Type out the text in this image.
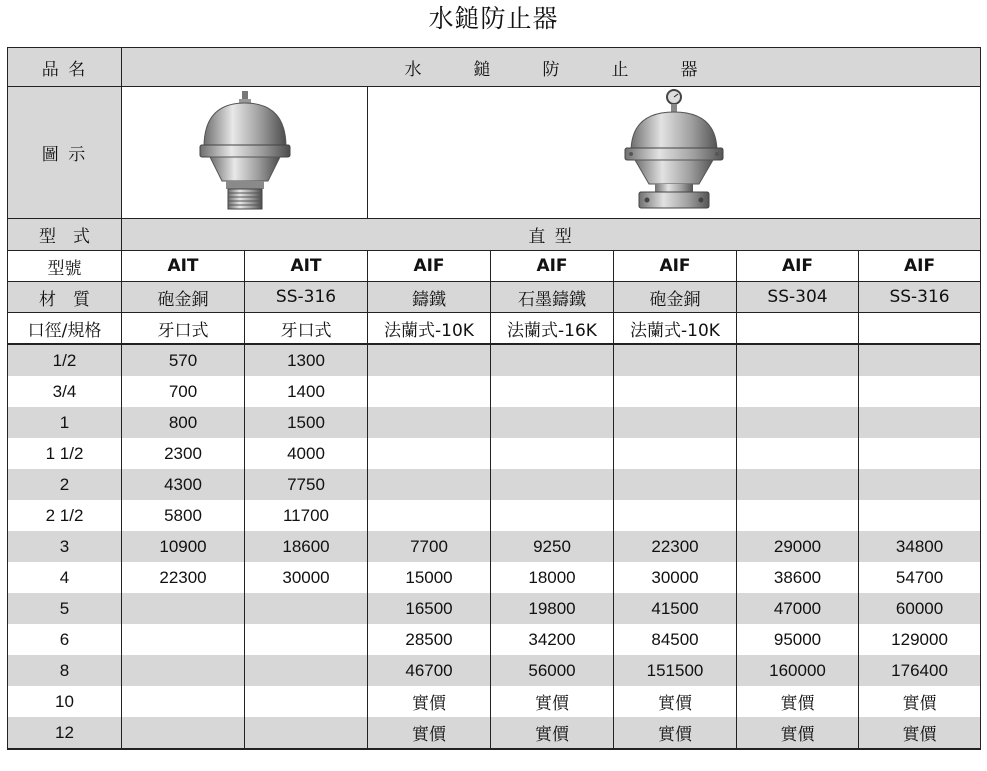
水鎚防止器
品 名	水鎚防止器						
圖 示		
型　式	直 型						
型號	AIT	AIT	AIF	AIF	AIF	AIF	AIF
材　質	砲金銅	SS-316	鑄鐵	石墨鑄鐵	砲金銅	SS-304	SS-316
口徑/規格	牙口式	牙口式	法蘭式-10K	法蘭式-16K	法蘭式-10K		
1/2	570	1300					
3/4	700	1400					
1	800	1500					
1 1/2	2300	4000					
2	4300	7750					
2 1/2	5800	11700					
3	10900	18600	7700	9250	22300	29000	34800
4	22300	30000	15000	18000	30000	38600	54700
5			16500	19800	41500	47000	60000
6			28500	34200	84500	95000	129000
8			46700	56000	151500	160000	176400
10			實價	實價	實價	實價	實價
12			實價	實價	實價	實價	實價
